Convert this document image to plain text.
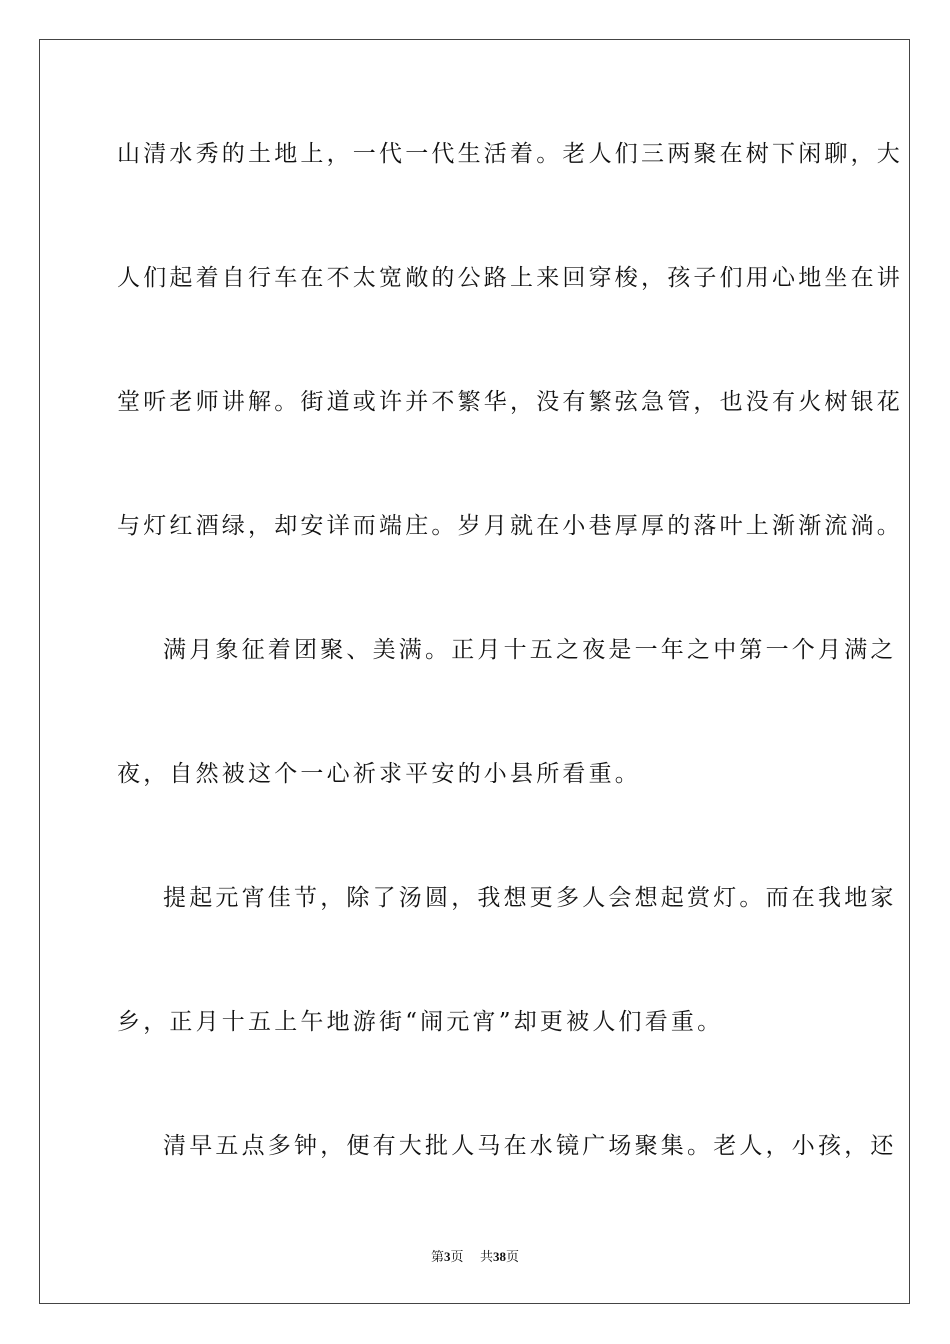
山清水秀的土地上，一代一代生活着。老人们三两聚在树下闲聊，大
人们起着自行车在不太宽敞的公路上来回穿梭，孩子们用心地坐在讲
堂听老师讲解。街道或许并不繁华，没有繁弦急管，也没有火树银花
与灯红酒绿，却安详而端庄。岁月就在小巷厚厚的落叶上渐渐流淌。
满月象征着团聚、美满。正月十五之夜是一年之中第一个月满之
夜，自然被这个一心祈求平安的小县所看重。
提起元宵佳节，除了汤圆，我想更多人会想起赏灯。而在我地家
乡，正月十五上午地游街“闹元宵”却更被人们看重。
清早五点多钟，便有大批人马在水镜广场聚集。老人，小孩，还
第3页 共38页
